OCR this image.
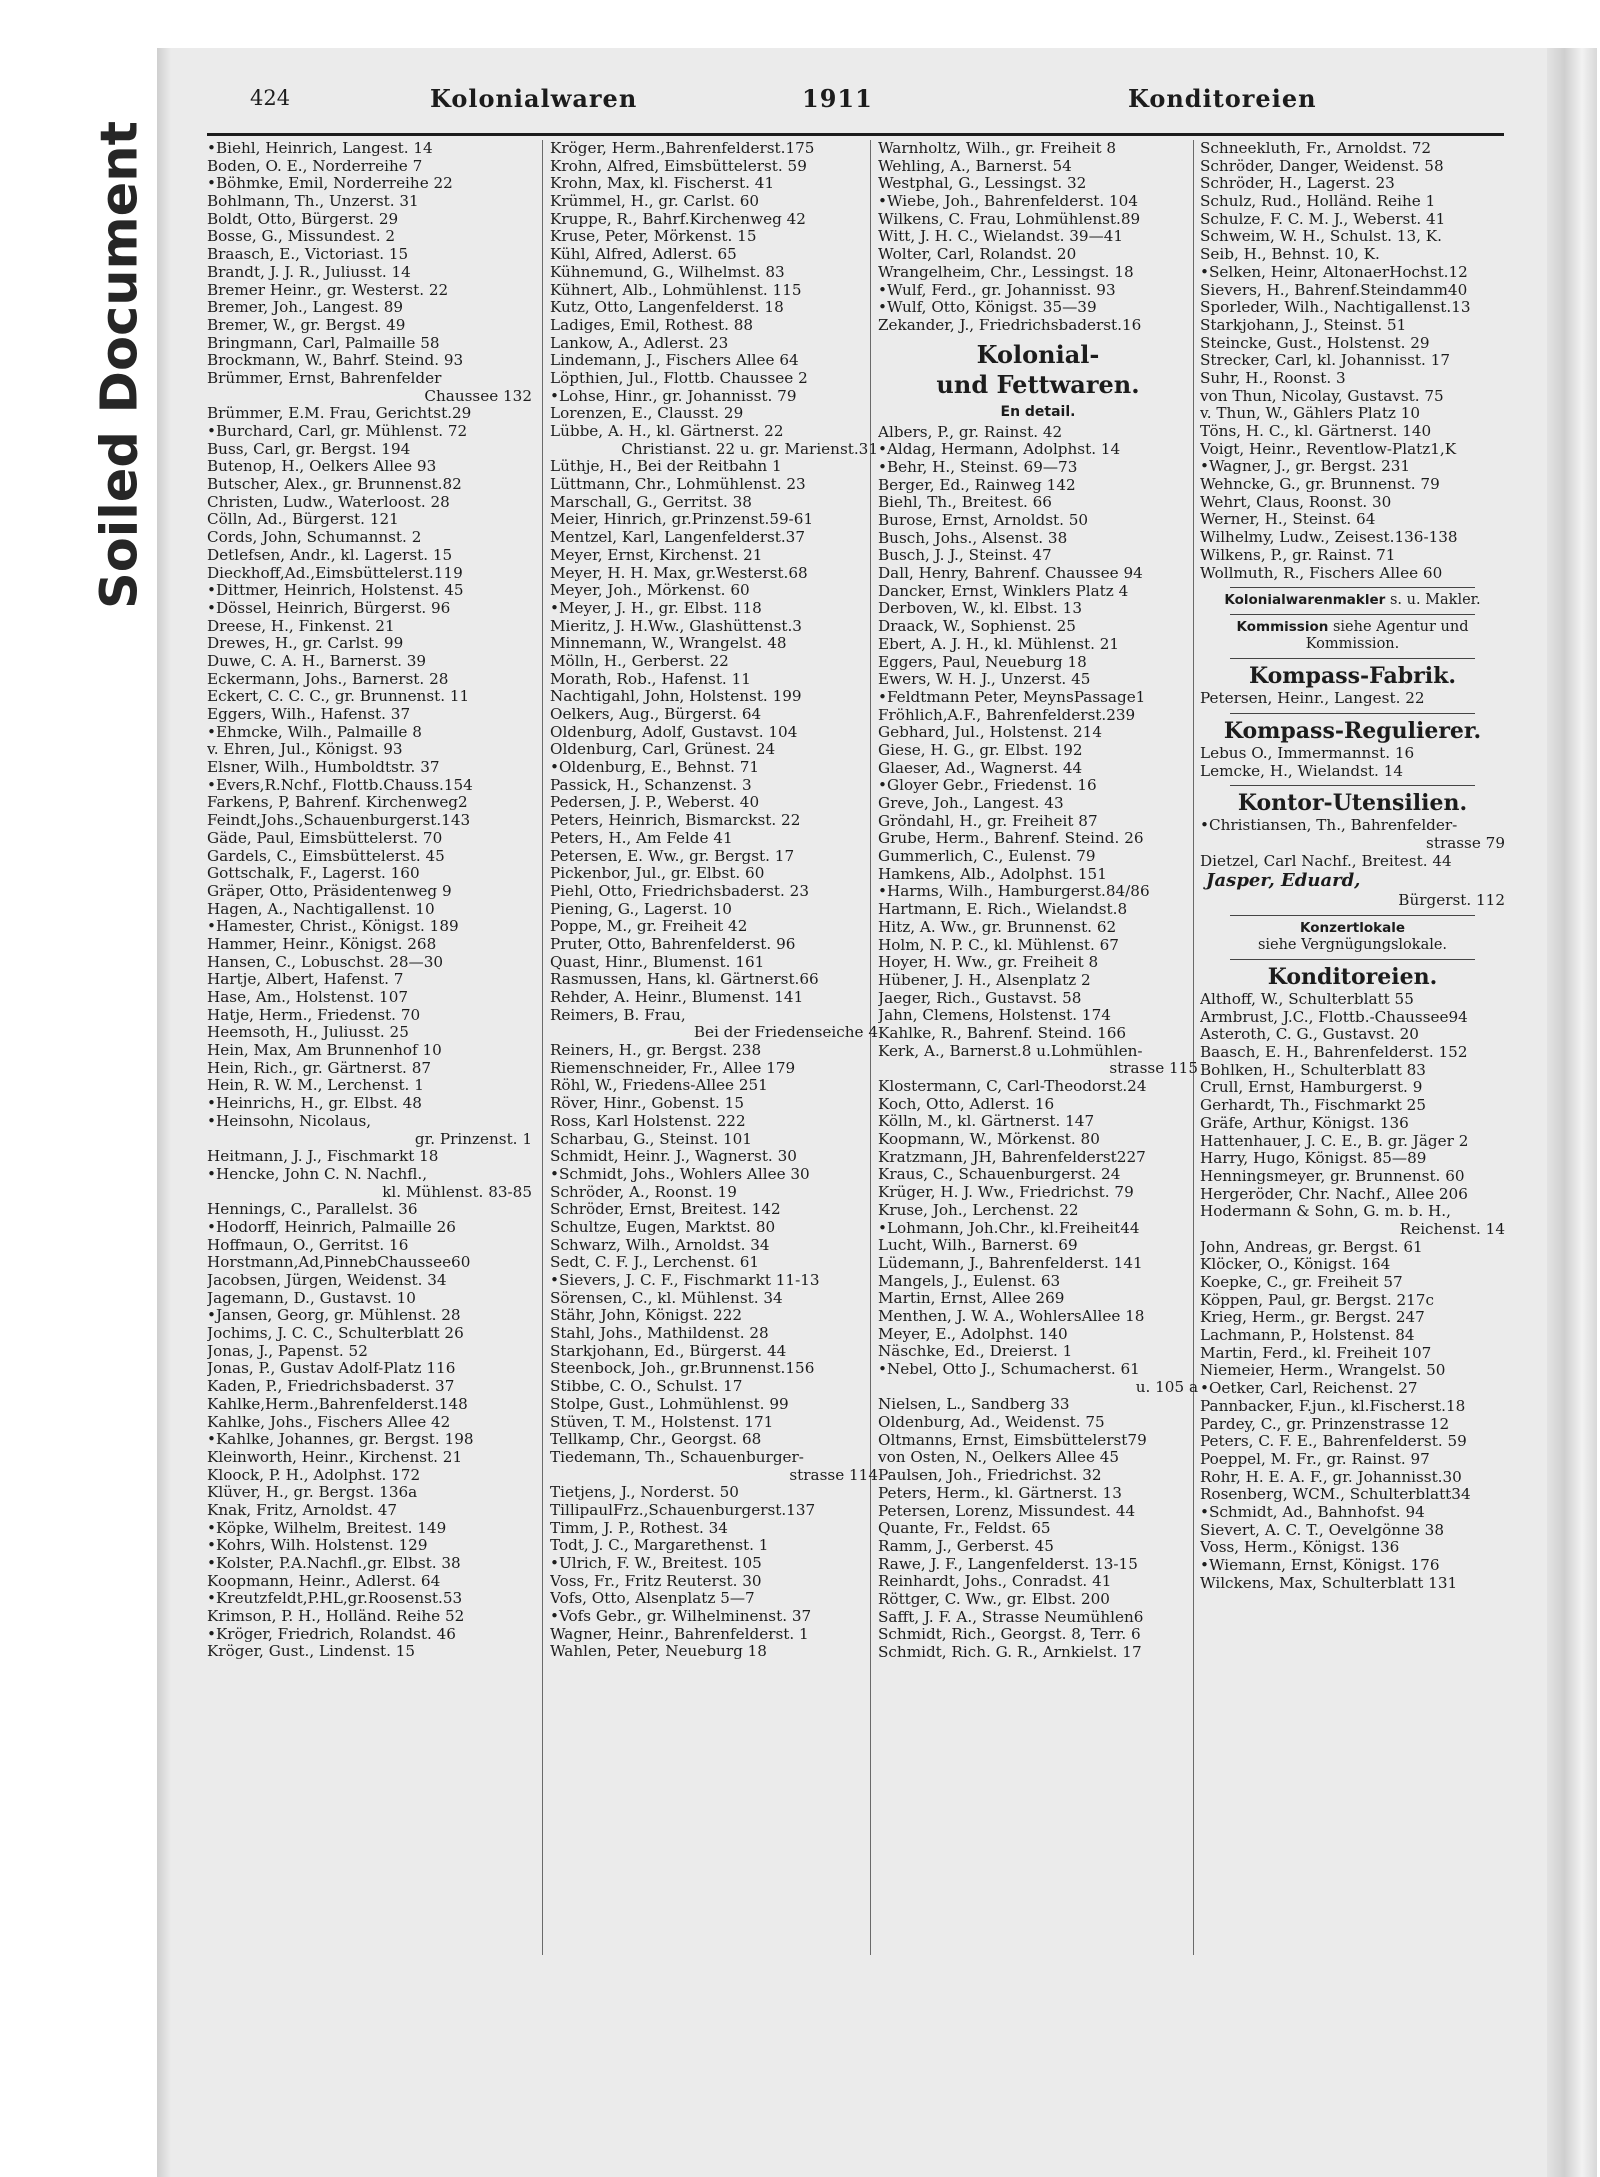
Soiled Document
424	Kolonialwaren	1911	Konditoreien
•Biehl, Heinrich, Langest. 14
Boden, O. E., Norderreihe 7
•Böhmke, Emil, Norderreihe 22
Bohlmann, Th., Unzerst. 31
Boldt, Otto, Bürgerst. 29
Bosse, G., Missundest. 2
Braasch, E., Victoriast. 15
Brandt, J. J. R., Juliusst. 14
Bremer Heinr., gr. Westerst. 22
Bremer, Joh., Langest. 89
Bremer, W., gr. Bergst. 49
Bringmann, Carl, Palmaille 58
Brockmann, W., Bahrf. Steind. 93
Brümmer, Ernst, Bahrenfelder
Chaussee 132
Brümmer, E.M. Frau, Gerichtst.29
•Burchard, Carl, gr. Mühlenst. 72
Buss, Carl, gr. Bergst. 194
Butenop, H., Oelkers Allee 93
Butscher, Alex., gr. Brunnenst.82
Christen, Ludw., Waterloost. 28
Cölln, Ad., Bürgerst. 121
Cords, John, Schumannst. 2
Detlefsen, Andr., kl. Lagerst. 15
Dieckhoff,Ad.,Eimsbüttelerst.119
•Dittmer, Heinrich, Holstenst. 45
•Dössel, Heinrich, Bürgerst. 96
Dreese, H., Finkenst. 21
Drewes, H., gr. Carlst. 99
Duwe, C. A. H., Barnerst. 39
Eckermann, Johs., Barnerst. 28
Eckert, C. C. C., gr. Brunnenst. 11
Eggers, Wilh., Hafenst. 37
•Ehmcke, Wilh., Palmaille 8
v. Ehren, Jul., Königst. 93
Elsner, Wilh., Humboldtstr. 37
•Evers,R.Nchf., Flottb.Chauss.154
Farkens, P, Bahrenf. Kirchenweg2
Feindt,Johs.,Schauenburgerst.143
Gäde, Paul, Eimsbüttelerst. 70
Gardels, C., Eimsbüttelerst. 45
Gottschalk, F., Lagerst. 160
Gräper, Otto, Präsidentenweg 9
Hagen, A., Nachtigallenst. 10
•Hamester, Christ., Königst. 189
Hammer, Heinr., Königst. 268
Hansen, C., Lobuschst. 28—30
Hartje, Albert, Hafenst. 7
Hase, Am., Holstenst. 107
Hatje, Herm., Friedenst. 70
Heemsoth, H., Juliusst. 25
Hein, Max, Am Brunnenhof 10
Hein, Rich., gr. Gärtnerst. 87
Hein, R. W. M., Lerchenst. 1
•Heinrichs, H., gr. Elbst. 48
•Heinsohn, Nicolaus,
gr. Prinzenst. 1
Heitmann, J. J., Fischmarkt 18
•Hencke, John C. N. Nachfl.,
kl. Mühlenst. 83-85
Hennings, C., Parallelst. 36
•Hodorff, Heinrich, Palmaille 26
Hoffmaun, O., Gerritst. 16
Horstmann,Ad,PinnebChaussee60
Jacobsen, Jürgen, Weidenst. 34
Jagemann, D., Gustavst. 10
•Jansen, Georg, gr. Mühlenst. 28
Jochims, J. C. C., Schulterblatt 26
Jonas, J., Papenst. 52
Jonas, P., Gustav Adolf-Platz 116
Kaden, P., Friedrichsbaderst. 37
Kahlke,Herm.,Bahrenfelderst.148
Kahlke, Johs., Fischers Allee 42
•Kahlke, Johannes, gr. Bergst. 198
Kleinworth, Heinr., Kirchenst. 21
Kloock, P. H., Adolphst. 172
Klüver, H., gr. Bergst. 136a
Knak, Fritz, Arnoldst. 47
•Köpke, Wilhelm, Breitest. 149
•Kohrs, Wilh. Holstenst. 129
•Kolster, P.A.Nachfl.,gr. Elbst. 38
Koopmann, Heinr., Adlerst. 64
•Kreutzfeldt,P.HL,gr.Roosenst.53
Krimson, P. H., Holländ. Reihe 52
•Kröger, Friedrich, Rolandst. 46
Kröger, Gust., Lindenst. 15
Kröger, Herm.,Bahrenfelderst.175
Krohn, Alfred, Eimsbüttelerst. 59
Krohn, Max, kl. Fischerst. 41
Krümmel, H., gr. Carlst. 60
Kruppe, R., Bahrf.Kirchenweg 42
Kruse, Peter, Mörkenst. 15
Kühl, Alfred, Adlerst. 65
Kühnemund, G., Wilhelmst. 83
Kühnert, Alb., Lohmühlenst. 115
Kutz, Otto, Langenfelderst. 18
Ladiges, Emil, Rothest. 88
Lankow, A., Adlerst. 23
Lindemann, J., Fischers Allee 64
Löpthien, Jul., Flottb. Chaussee 2
•Lohse, Hinr., gr. Johannisst. 79
Lorenzen, E., Clausst. 29
Lübbe, A. H., kl. Gärtnerst. 22
Christianst. 22 u. gr. Marienst.31
Lüthje, H., Bei der Reitbahn 1
Lüttmann, Chr., Lohmühlenst. 23
Marschall, G., Gerritst. 38
Meier, Hinrich, gr.Prinzenst.59-61
Mentzel, Karl, Langenfelderst.37
Meyer, Ernst, Kirchenst. 21
Meyer, H. H. Max, gr.Westerst.68
Meyer, Joh., Mörkenst. 60
•Meyer, J. H., gr. Elbst. 118
Mieritz, J. H.Ww., Glashüttenst.3
Minnemann, W., Wrangelst. 48
Mölln, H., Gerberst. 22
Morath, Rob., Hafenst. 11
Nachtigahl, John, Holstenst. 199
Oelkers, Aug., Bürgerst. 64
Oldenburg, Adolf, Gustavst. 104
Oldenburg, Carl, Grünest. 24
•Oldenburg, E., Behnst. 71
Passick, H., Schanzenst. 3
Pedersen, J. P., Weberst. 40
Peters, Heinrich, Bismarckst. 22
Peters, H., Am Felde 41
Petersen, E. Ww., gr. Bergst. 17
Pickenbor, Jul., gr. Elbst. 60
Piehl, Otto, Friedrichsbaderst. 23
Piening, G., Lagerst. 10
Poppe, M., gr. Freiheit 42
Pruter, Otto, Bahrenfelderst. 96
Quast, Hinr., Blumenst. 161
Rasmussen, Hans, kl. Gärtnerst.66
Rehder, A. Heinr., Blumenst. 141
Reimers, B. Frau,
Bei der Friedenseiche 4
Reiners, H., gr. Bergst. 238
Riemenschneider, Fr., Allee 179
Röhl, W., Friedens-Allee 251
Röver, Hinr., Gobenst. 15
Ross, Karl Holstenst. 222
Scharbau, G., Steinst. 101
Schmidt, Heinr. J., Wagnerst. 30
•Schmidt, Johs., Wohlers Allee 30
Schröder, A., Roonst. 19
Schröder, Ernst, Breitest. 142
Schultze, Eugen, Marktst. 80
Schwarz, Wilh., Arnoldst. 34
Sedt, C. F. J., Lerchenst. 61
•Sievers, J. C. F., Fischmarkt 11-13
Sörensen, C., kl. Mühlenst. 34
Stähr, John, Königst. 222
Stahl, Johs., Mathildenst. 28
Starkjohann, Ed., Bürgerst. 44
Steenbock, Joh., gr.Brunnenst.156
Stibbe, C. O., Schulst. 17
Stolpe, Gust., Lohmühlenst. 99
Stüven, T. M., Holstenst. 171
Tellkamp, Chr., Georgst. 68
Tiedemann, Th., Schauenburger-
strasse 114
Tietjens, J., Norderst. 50
TillipaulFrz.,Schauenburgerst.137
Timm, J. P., Rothest. 34
Todt, J. C., Margarethenst. 1
•Ulrich, F. W., Breitest. 105
Voss, Fr., Fritz Reuterst. 30
Vofs, Otto, Alsenplatz 5—7
•Vofs Gebr., gr. Wilhelminenst. 37
Wagner, Heinr., Bahrenfelderst. 1
Wahlen, Peter, Neueburg 18
Warnholtz, Wilh., gr. Freiheit 8
Wehling, A., Barnerst. 54
Westphal, G., Lessingst. 32
•Wiebe, Joh., Bahrenfelderst. 104
Wilkens, C. Frau, Lohmühlenst.89
Witt, J. H. C., Wielandst. 39—41
Wolter, Carl, Rolandst. 20
Wrangelheim, Chr., Lessingst. 18
•Wulf, Ferd., gr. Johannisst. 93
•Wulf, Otto, Königst. 35—39
Zekander, J., Friedrichsbaderst.16
Kolonial-
und Fettwaren.
En detail.
Albers, P., gr. Rainst. 42
•Aldag, Hermann, Adolphst. 14
•Behr, H., Steinst. 69—73
Berger, Ed., Rainweg 142
Biehl, Th., Breitest. 66
Burose, Ernst, Arnoldst. 50
Busch, Johs., Alsenst. 38
Busch, J. J., Steinst. 47
Dall, Henry, Bahrenf. Chaussee 94
Dancker, Ernst, Winklers Platz 4
Derboven, W., kl. Elbst. 13
Draack, W., Sophienst. 25
Ebert, A. J. H., kl. Mühlenst. 21
Eggers, Paul, Neueburg 18
Ewers, W. H. J., Unzerst. 45
•Feldtmann Peter, MeynsPassage1
Fröhlich,A.F., Bahrenfelderst.239
Gebhard, Jul., Holstenst. 214
Giese, H. G., gr. Elbst. 192
Glaeser, Ad., Wagnerst. 44
•Gloyer Gebr., Friedenst. 16
Greve, Joh., Langest. 43
Gröndahl, H., gr. Freiheit 87
Grube, Herm., Bahrenf. Steind. 26
Gummerlich, C., Eulenst. 79
Hamkens, Alb., Adolphst. 151
•Harms, Wilh., Hamburgerst.84/86
Hartmann, E. Rich., Wielandst.8
Hitz, A. Ww., gr. Brunnenst. 62
Holm, N. P. C., kl. Mühlenst. 67
Hoyer, H. Ww., gr. Freiheit 8
Hübener, J. H., Alsenplatz 2
Jaeger, Rich., Gustavst. 58
Jahn, Clemens, Holstenst. 174
Kahlke, R., Bahrenf. Steind. 166
Kerk, A., Barnerst.8 u.Lohmühlen-
strasse 115
Klostermann, C, Carl-Theodorst.24
Koch, Otto, Adlerst. 16
Kölln, M., kl. Gärtnerst. 147
Koopmann, W., Mörkenst. 80
Kratzmann, JH, Bahrenfelderst227
Kraus, C., Schauenburgerst. 24
Krüger, H. J. Ww., Friedrichst. 79
Kruse, Joh., Lerchenst. 22
•Lohmann, Joh.Chr., kl.Freiheit44
Lucht, Wilh., Barnerst. 69
Lüdemann, J., Bahrenfelderst. 141
Mangels, J., Eulenst. 63
Martin, Ernst, Allee 269
Menthen, J. W. A., WohlersAllee 18
Meyer, E., Adolphst. 140
Näschke, Ed., Dreierst. 1
•Nebel, Otto J., Schumacherst. 61
u. 105 a
Nielsen, L., Sandberg 33
Oldenburg, Ad., Weidenst. 75
Oltmanns, Ernst, Eimsbüttelerst79
von Osten, N., Oelkers Allee 45
Paulsen, Joh., Friedrichst. 32
Peters, Herm., kl. Gärtnerst. 13
Petersen, Lorenz, Missundest. 44
Quante, Fr., Feldst. 65
Ramm, J., Gerberst. 45
Rawe, J. F., Langenfelderst. 13-15
Reinhardt, Johs., Conradst. 41
Röttger, C. Ww., gr. Elbst. 200
Safft, J. F. A., Strasse Neumühlen6
Schmidt, Rich., Georgst. 8, Terr. 6
Schmidt, Rich. G. R., Arnkielst. 17
Schneekluth, Fr., Arnoldst. 72
Schröder, Danger, Weidenst. 58
Schröder, H., Lagerst. 23
Schulz, Rud., Holländ. Reihe 1
Schulze, F. C. M. J., Weberst. 41
Schweim, W. H., Schulst. 13, K.
Seib, H., Behnst. 10, K.
•Selken, Heinr, AltonaerHochst.12
Sievers, H., Bahrenf.Steindamm40
Sporleder, Wilh., Nachtigallenst.13
Starkjohann, J., Steinst. 51
Steincke, Gust., Holstenst. 29
Strecker, Carl, kl. Johannisst. 17
Suhr, H., Roonst. 3
von Thun, Nicolay, Gustavst. 75
v. Thun, W., Gählers Platz 10
Töns, H. C., kl. Gärtnerst. 140
Voigt, Heinr., Reventlow-Platz1,K
•Wagner, J., gr. Bergst. 231
Wehncke, G., gr. Brunnenst. 79
Wehrt, Claus, Roonst. 30
Werner, H., Steinst. 64
Wilhelmy, Ludw., Zeisest.136-138
Wilkens, P., gr. Rainst. 71
Wollmuth, R., Fischers Allee 60
Kolonialwarenmakler s. u. Makler.
Kommission siehe Agentur und
Kommission.
Kompass-Fabrik.
Petersen, Heinr., Langest. 22
Kompass-Regulierer.
Lebus O., Immermannst. 16
Lemcke, H., Wielandst. 14
Kontor-Utensilien.
•Christiansen, Th., Bahrenfelder-
strasse 79
Dietzel, Carl Nachf., Breitest. 44
Jasper, Eduard,
Bürgerst. 112
Konzertlokale
siehe Vergnügungslokale.
Konditoreien.
Althoff, W., Schulterblatt 55
Armbrust, J.C., Flottb.-Chaussee94
Asteroth, C. G., Gustavst. 20
Baasch, E. H., Bahrenfelderst. 152
Bohlken, H., Schulterblatt 83
Crull, Ernst, Hamburgerst. 9
Gerhardt, Th., Fischmarkt 25
Gräfe, Arthur, Königst. 136
Hattenhauer, J. C. E., B. gr. Jäger 2
Harry, Hugo, Königst. 85—89
Henningsmeyer, gr. Brunnenst. 60
Hergeröder, Chr. Nachf., Allee 206
Hodermann & Sohn, G. m. b. H.,
Reichenst. 14
John, Andreas, gr. Bergst. 61
Klöcker, O., Königst. 164
Koepke, C., gr. Freiheit 57
Köppen, Paul, gr. Bergst. 217c
Krieg, Herm., gr. Bergst. 247
Lachmann, P., Holstenst. 84
Martin, Ferd., kl. Freiheit 107
Niemeier, Herm., Wrangelst. 50
•Oetker, Carl, Reichenst. 27
Pannbacker, F.jun., kl.Fischerst.18
Pardey, C., gr. Prinzenstrasse 12
Peters, C. F. E., Bahrenfelderst. 59
Poeppel, M. Fr., gr. Rainst. 97
Rohr, H. E. A. F., gr. Johannisst.30
Rosenberg, WCM., Schulterblatt34
•Schmidt, Ad., Bahnhofst. 94
Sievert, A. C. T., Oevelgönne 38
Voss, Herm., Königst. 136
•Wiemann, Ernst, Königst. 176
Wilckens, Max, Schulterblatt 131
